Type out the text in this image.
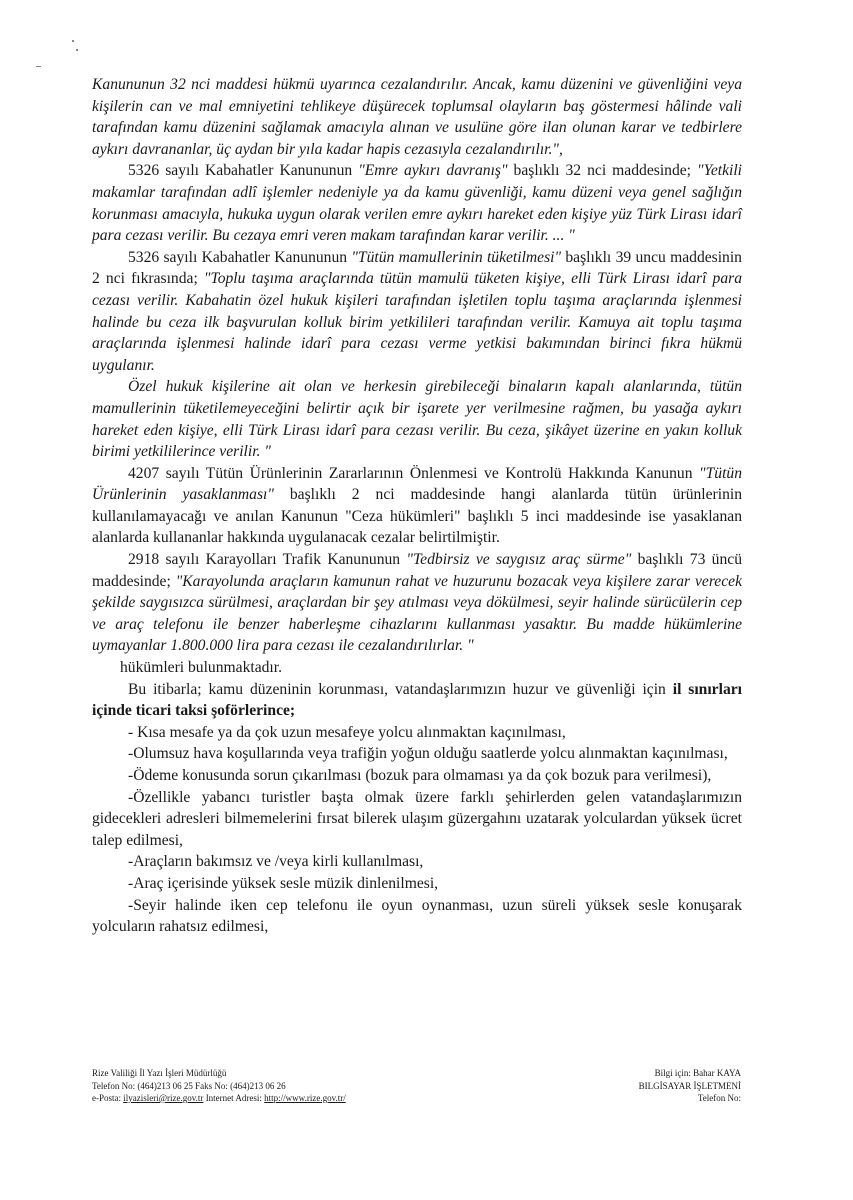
Kanununun 32 nci maddesi hükmü uyarınca cezalandırılır. Ancak, kamu düzenini ve güvenliğini veya kişilerin can ve mal emniyetini tehlikeye düşürecek toplumsal olayların baş göstermesi hâlinde vali tarafından kamu düzenini sağlamak amacıyla alınan ve usulüne göre ilan olunan karar ve tedbirlere aykırı davrananlar, üç aydan bir yıla kadar hapis cezasıyla cezalandırılır.",

5326 sayılı Kabahatler Kanununun "Emre aykırı davranış" başlıklı 32 nci maddesinde; "Yetkili makamlar tarafından adlî işlemler nedeniyle ya da kamu güvenliği, kamu düzeni veya genel sağlığın korunması amacıyla, hukuka uygun olarak verilen emre aykırı hareket eden kişiye yüz Türk Lirası idarî para cezası verilir. Bu cezaya emri veren makam tarafından karar verilir. ... "

5326 sayılı Kabahatler Kanununun "Tütün mamullerinin tüketilmesi" başlıklı 39 uncu maddesinin 2 nci fıkrasında; "Toplu taşıma araçlarında tütün mamulü tüketen kişiye, elli Türk Lirası idarî para cezası verilir. Kabahatin özel hukuk kişileri tarafından işletilen toplu taşıma araçlarında işlenmesi halinde bu ceza ilk başvurulan kolluk birim yetkilileri tarafından verilir. Kamuya ait toplu taşıma araçlarında işlenmesi halinde idarî para cezası verme yetkisi bakımından birinci fıkra hükmü uygulanır.

Özel hukuk kişilerine ait olan ve herkesin girebileceği binaların kapalı alanlarında, tütün mamullerinin tüketilemeyeceğini belirtir açık bir işarete yer verilmesine rağmen, bu yasağa aykırı hareket eden kişiye, elli Türk Lirası idarî para cezası verilir. Bu ceza, şikâyet üzerine en yakın kolluk birimi yetkililerince verilir. "

4207 sayılı Tütün Ürünlerinin Zararlarının Önlenmesi ve Kontrolü Hakkında Kanunun "Tütün Ürünlerinin yasaklanması" başlıklı 2 nci maddesinde hangi alanlarda tütün ürünlerinin kullanılamayacağı ve anılan Kanunun "Ceza hükümleri" başlıklı 5 inci maddesinde ise yasaklanan alanlarda kullananlar hakkında uygulanacak cezalar belirtilmiştir.

2918 sayılı Karayolları Trafik Kanununun "Tedbirsiz ve saygısız araç sürme" başlıklı 73 üncü maddesinde; "Karayolunda araçların kamunun rahat ve huzurunu bozacak veya kişilere zarar verecek şekilde saygısızca sürülmesi, araçlardan bir şey atılması veya dökülmesi, seyir halinde sürücülerin cep ve araç telefonu ile benzer haberleşme cihazlarını kullanması yasaktır. Bu madde hükümlerine uymayanlar 1.800.000 lira para cezası ile cezalandırılırlar. "

hükümleri bulunmaktadır.

Bu itibarla; kamu düzeninin korunması, vatandaşlarımızın huzur ve güvenliği için il sınırları içinde ticari taksi şoförlerince;

- Kısa mesafe ya da çok uzun mesafeye yolcu alınmaktan kaçınılması,

-Olumsuz hava koşullarında veya trafiğin yoğun olduğu saatlerde yolcu alınmaktan kaçınılması,

-Ödeme konusunda sorun çıkarılması (bozuk para olmaması ya da çok bozuk para verilmesi),

-Özellikle yabancı turistler başta olmak üzere farklı şehirlerden gelen vatandaşlarımızın gidecekleri adresleri bilmemelerini fırsat bilerek ulaşım güzergahını uzatarak yolculardan yüksek ücret talep edilmesi,

-Araçların bakımsız ve /veya kirli kullanılması,

-Araç içerisinde yüksek sesle müzik dinlenilmesi,

-Seyir halinde iken cep telefonu ile oyun oynanması, uzun süreli yüksek sesle konuşarak yolcuların rahatsız edilmesi,

Rize Valiliği İl Yazı İşleri Müdürlüğü
Telefon No: (464)213 06 25 Faks No: (464)213 06 26
e-Posta: ilyazisleri@rize.gov.tr Internet Adresi: http://www.rize.gov.tr/
Bilgi için: Bahar KAYA
BILGİSAYAR İŞLETMENİ
Telefon No:
